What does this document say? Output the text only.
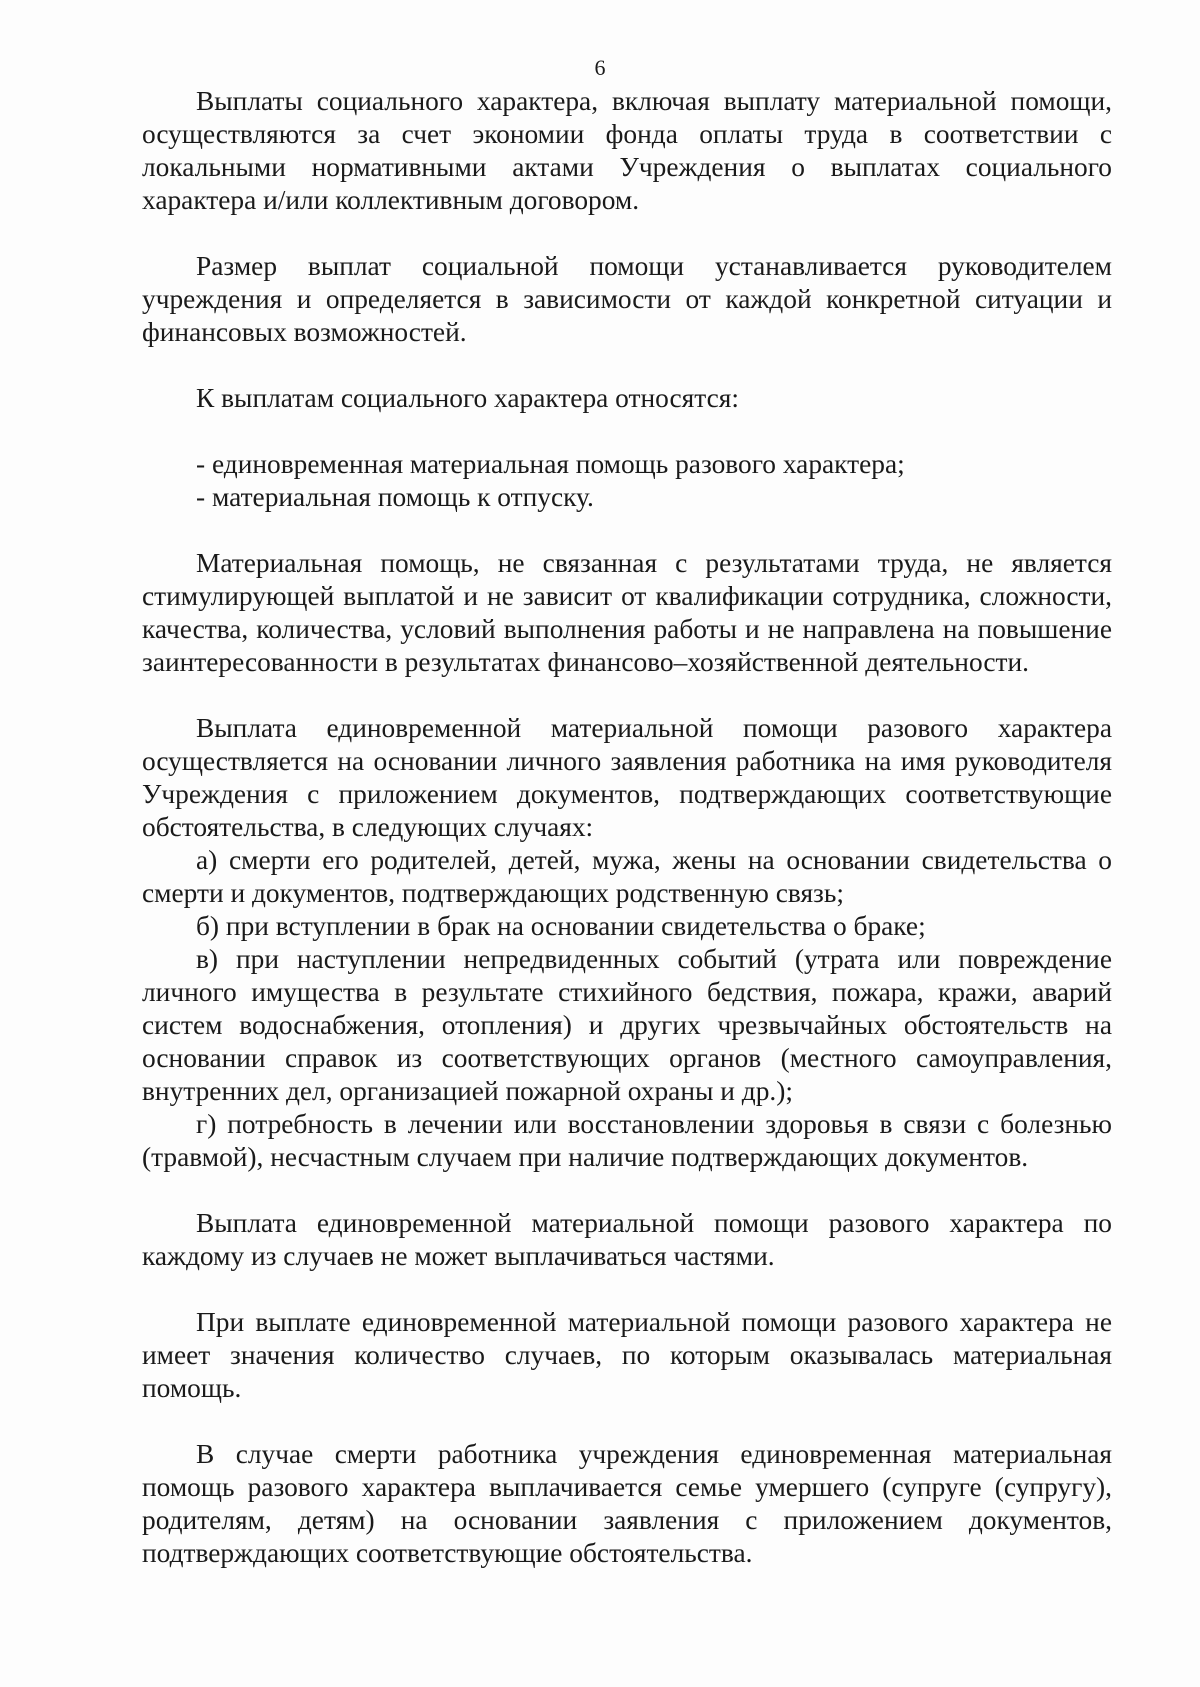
6

Выплаты социального характера, включая выплату материальной помощи, осуществляются за счет экономии фонда оплаты труда в соответствии с локальными нормативными актами Учреждения о выплатах социального характера и/или коллективным договором.

Размер выплат социальной помощи устанавливается руководителем учреждения и определяется в зависимости от каждой конкретной ситуации и финансовых возможностей.

К выплатам социального характера относятся:

- единовременная материальная помощь разового характера;

- материальная помощь к отпуску.

Материальная помощь, не связанная с результатами труда, не является стимулирующей выплатой и не зависит от квалификации сотрудника, сложности, качества, количества, условий выполнения работы и не направлена на повышение заинтересованности в результатах финансово–хозяйственной деятельности.

Выплата единовременной материальной помощи разового характера осуществляется на основании личного заявления работника на имя руководителя Учреждения с приложением документов, подтверждающих соответствующие обстоятельства, в следующих случаях:

а) смерти его родителей, детей, мужа, жены на основании свидетельства о смерти и документов, подтверждающих родственную связь;

б) при вступлении в брак на основании свидетельства о браке;

в) при наступлении непредвиденных событий (утрата или повреждение личного имущества в результате стихийного бедствия, пожара, кражи, аварий систем водоснабжения, отопления) и других чрезвычайных обстоятельств на основании справок из соответствующих органов (местного самоуправления, внутренних дел, организацией пожарной охраны и др.);

г) потребность в лечении или восстановлении здоровья в связи с болезнью (травмой), несчастным случаем при наличие подтверждающих документов.

Выплата единовременной материальной помощи разового характера по каждому из случаев не может выплачиваться частями.

При выплате единовременной материальной помощи разового характера не имеет значения количество случаев, по которым оказывалась материальная помощь.

В случае смерти работника учреждения единовременная материальная помощь разового характера выплачивается семье умершего (супруге (супругу), родителям, детям) на основании заявления с приложением документов, подтверждающих соответствующие обстоятельства.
